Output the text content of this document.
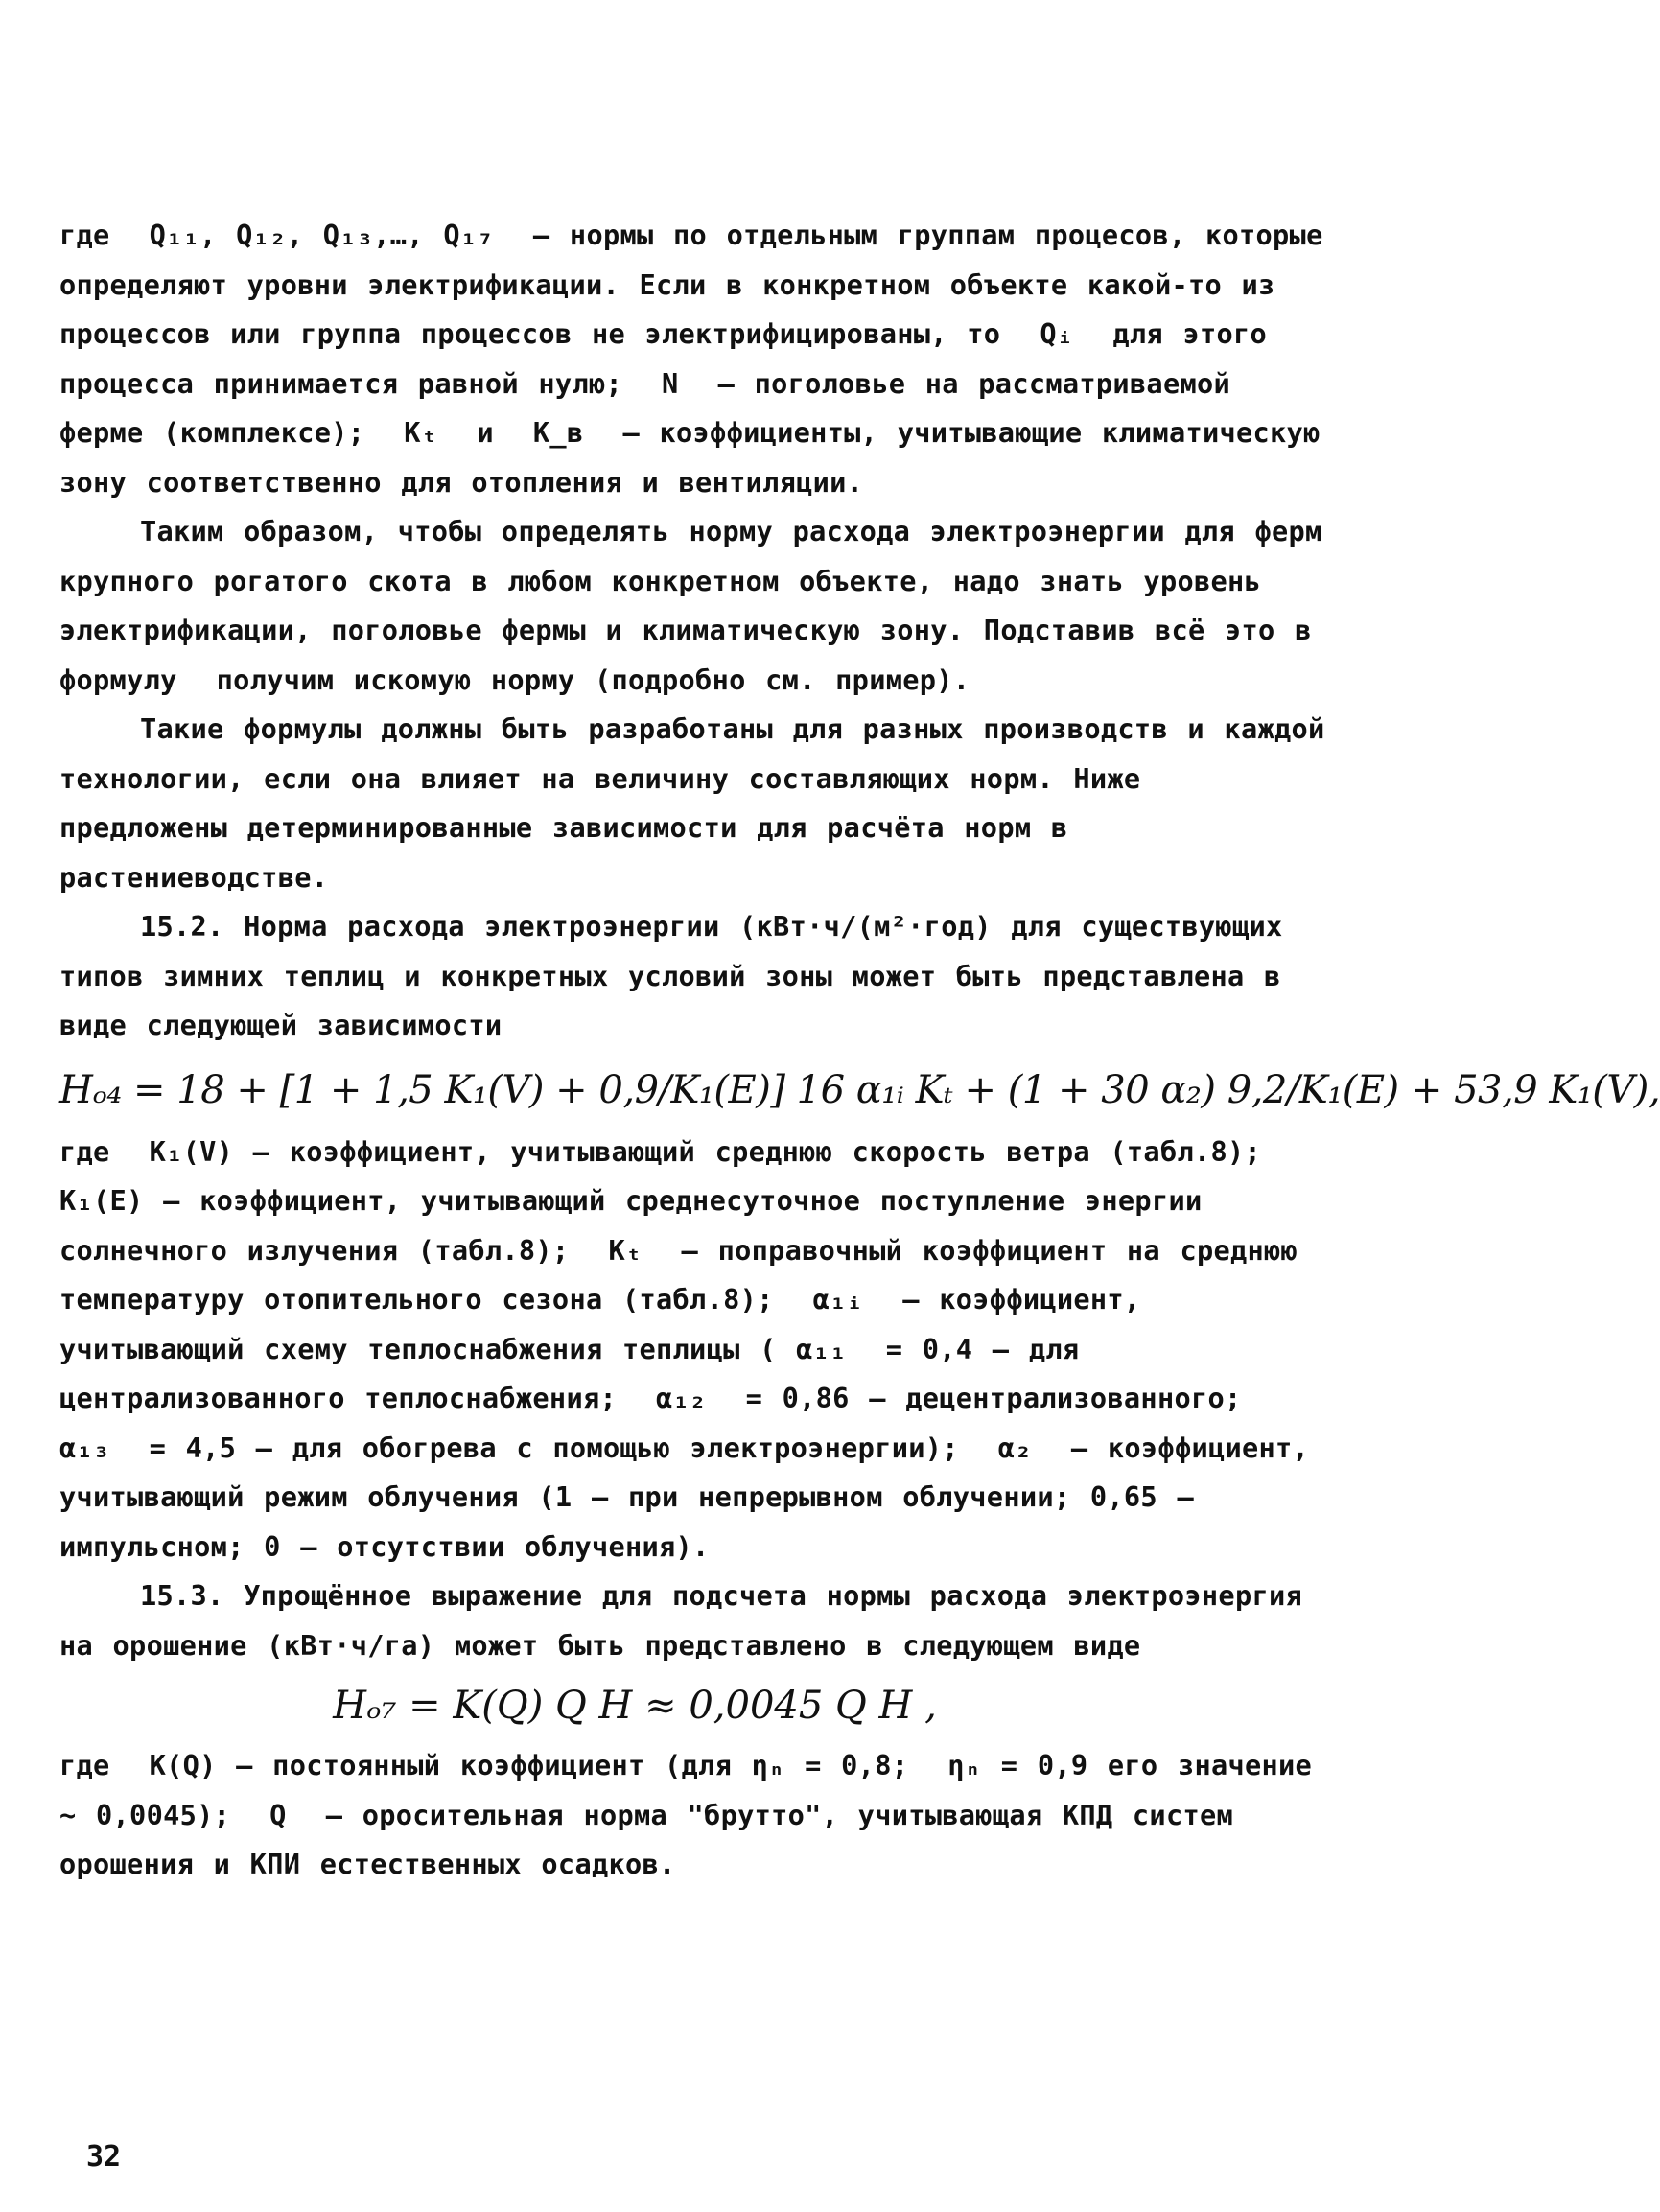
где  Q₁₁, Q₁₂, Q₁₃,…, Q₁₇  – нормы по отдельным группам процесов, которые определяют уровни электрификации. Если в конкретном объекте какой-то из процессов или группа процессов не электрифицированы, то  Qᵢ  для этого процесса принимается равной нулю;  N  – поголовье на рассматриваемой ферме (комплексе);  Kₜ  и  K_в  – коэффициенты, учитывающие климатическую зону соответственно для отопления и вентиляции.

Таким образом, чтобы определять норму расхода электроэнергии для ферм крупного рогатого скота в любом конкретном объекте, надо знать уровень электрификации, поголовье фермы и климатическую зону. Подставив всё это в формулу  получим искомую норму (подробно см. пример).

Такие формулы должны быть разработаны для разных производств и каждой технологии, если она влияет на величину составляющих норм. Ниже предложены детерминированные зависимости для расчёта норм в растениеводстве.

15.2. Норма расхода электроэнергии (кВт·ч/(м²·год) для существующих типов зимних теплиц и конкретных условий зоны может быть представлена в виде следующей зависимости

Hₒ₄ = 18 + [1 + 1,5 K₁(V) + 0,9/K₁(E)] 16 α₁ᵢ Kₜ + (1 + 30 α₂) 9,2/K₁(E) + 53,9 K₁(V),

где  K₁(V) – коэффициент, учитывающий среднюю скорость ветра (табл.8);  K₁(E) – коэффициент, учитывающий среднесуточное поступление энергии солнечного излучения (табл.8);  Kₜ  – поправочный коэффициент на среднюю температуру отопительного сезона (табл.8);  α₁ᵢ  – коэффициент, учитывающий схему теплоснабжения теплицы ( α₁₁  = 0,4 – для централизованного теплоснабжения;  α₁₂  = 0,86 – децентрализованного;  α₁₃  = 4,5 – для обогрева с помощью электроэнергии);  α₂  – коэффициент, учитывающий режим облучения (1 – при непрерывном облучении; 0,65 – импульсном; 0 – отсутствии облучения).

15.3. Упрощённое выражение для подсчета нормы расхода электроэнергия на орошение (кВт·ч/га) может быть представлено в следующем виде

Hₒ₇ = K(Q) Q H ≈ 0,0045 Q H ,

где  K(Q) – постоянный коэффициент (для ηₙ = 0,8;  ηₙ = 0,9 его значение ~ 0,0045);  Q  – оросительная норма "брутто", учитывающая КПД систем орошения и КПИ естественных осадков.

32
